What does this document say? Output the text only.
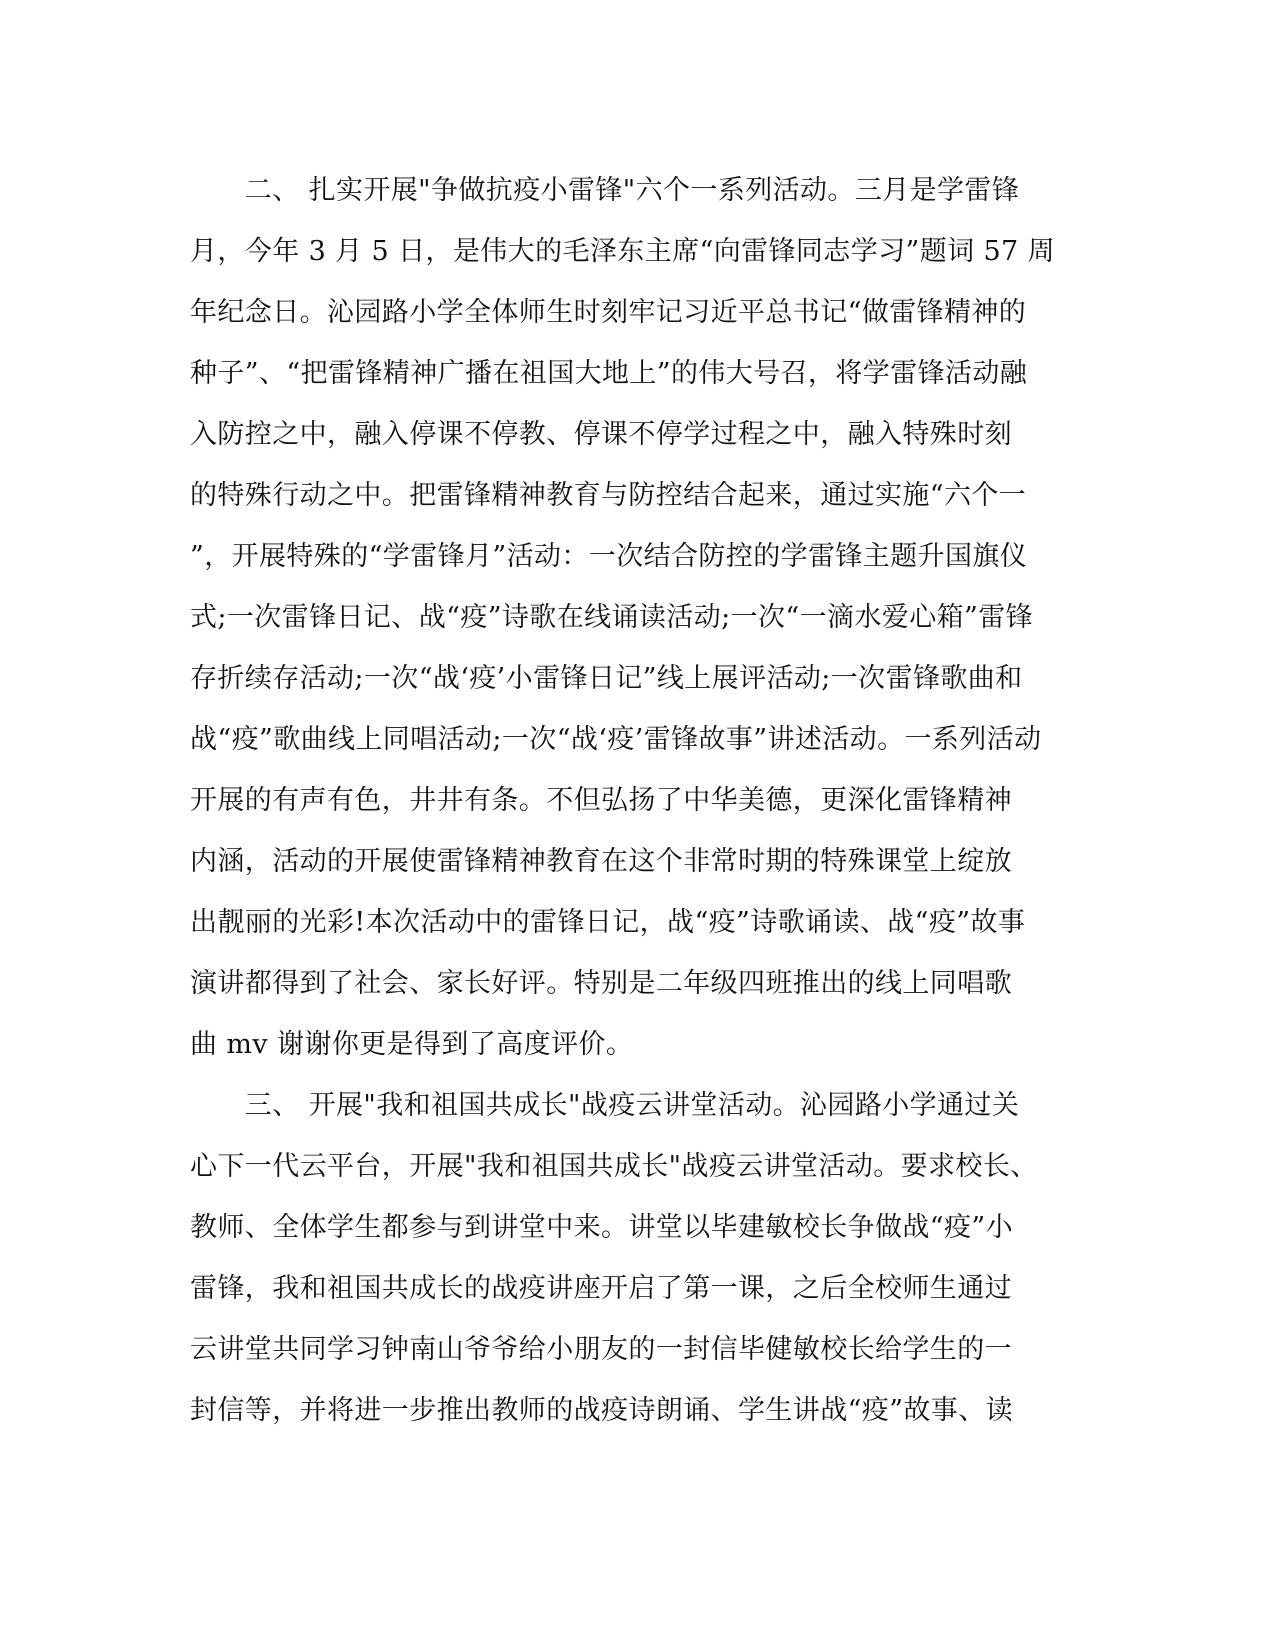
　　二、 扎实开展"争做抗疫小雷锋"六个一系列活动。三月是学雷锋
月，今年 3 月 5 日，是伟大的毛泽东主席“向雷锋同志学习”题词 57 周
年纪念日。沁园路小学全体师生时刻牢记习近平总书记“做雷锋精神的
种子”、“把雷锋精神广播在祖国大地上”的伟大号召，将学雷锋活动融
入防控之中，融入停课不停教、停课不停学过程之中，融入特殊时刻
的特殊行动之中。把雷锋精神教育与防控结合起来，通过实施“六个一
”，开展特殊的“学雷锋月”活动：一次结合防控的学雷锋主题升国旗仪
式;一次雷锋日记、战“疫”诗歌在线诵读活动;一次“一滴水爱心箱”雷锋
存折续存活动;一次“战‘疫’小雷锋日记”线上展评活动;一次雷锋歌曲和
战“疫”歌曲线上同唱活动;一次“战‘疫’雷锋故事”讲述活动。一系列活动
开展的有声有色，井井有条。不但弘扬了中华美德，更深化雷锋精神
内涵，活动的开展使雷锋精神教育在这个非常时期的特殊课堂上绽放
出靓丽的光彩!本次活动中的雷锋日记，战“疫”诗歌诵读、战“疫”故事
演讲都得到了社会、家长好评。特别是二年级四班推出的线上同唱歌
曲 mv 谢谢你更是得到了高度评价。
　　三、 开展"我和祖国共成长"战疫云讲堂活动。沁园路小学通过关
心下一代云平台，开展"我和祖国共成长"战疫云讲堂活动。要求校长、
教师、全体学生都参与到讲堂中来。讲堂以毕建敏校长争做战“疫”小
雷锋，我和祖国共成长的战疫讲座开启了第一课，之后全校师生通过
云讲堂共同学习钟南山爷爷给小朋友的一封信毕健敏校长给学生的一
封信等，并将进一步推出教师的战疫诗朗诵、学生讲战“疫”故事、读
